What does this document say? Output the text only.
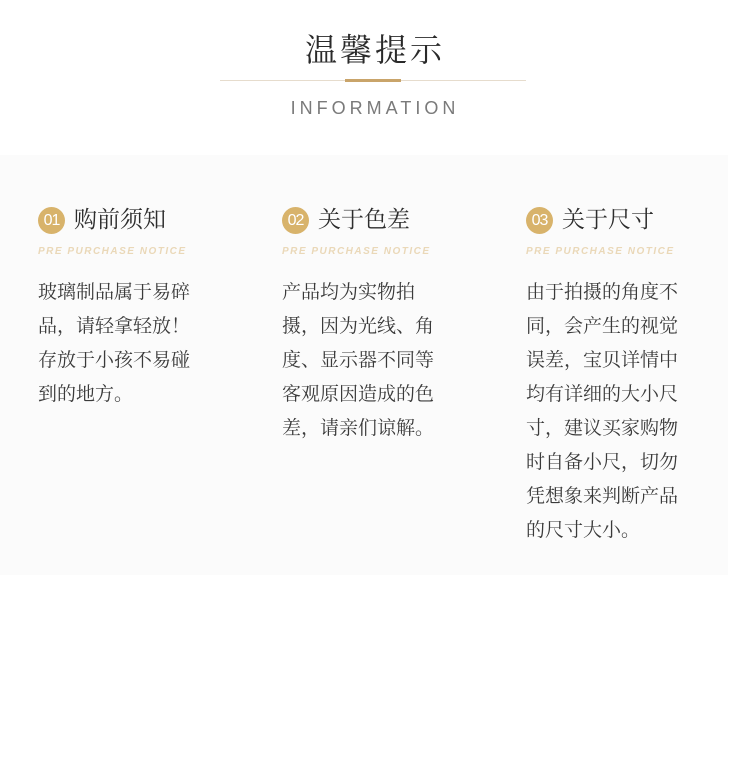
温馨提示
INFORMATION
01 购前须知
PRE PURCHASE NOTICE
玻璃制品属于易碎品，请轻拿轻放！存放于小孩不易碰到的地方。
02 关于色差
PRE PURCHASE NOTICE
产品均为实物拍摄，因为光线、角度、显示器不同等客观原因造成的色差，请亲们谅解。
03 关于尺寸
PRE PURCHASE NOTICE
由于拍摄的角度不同，会产生的视觉误差，宝贝详情中均有详细的大小尺寸，建议买家购物时自备小尺，切勿凭想象来判断产品的尺寸大小。
